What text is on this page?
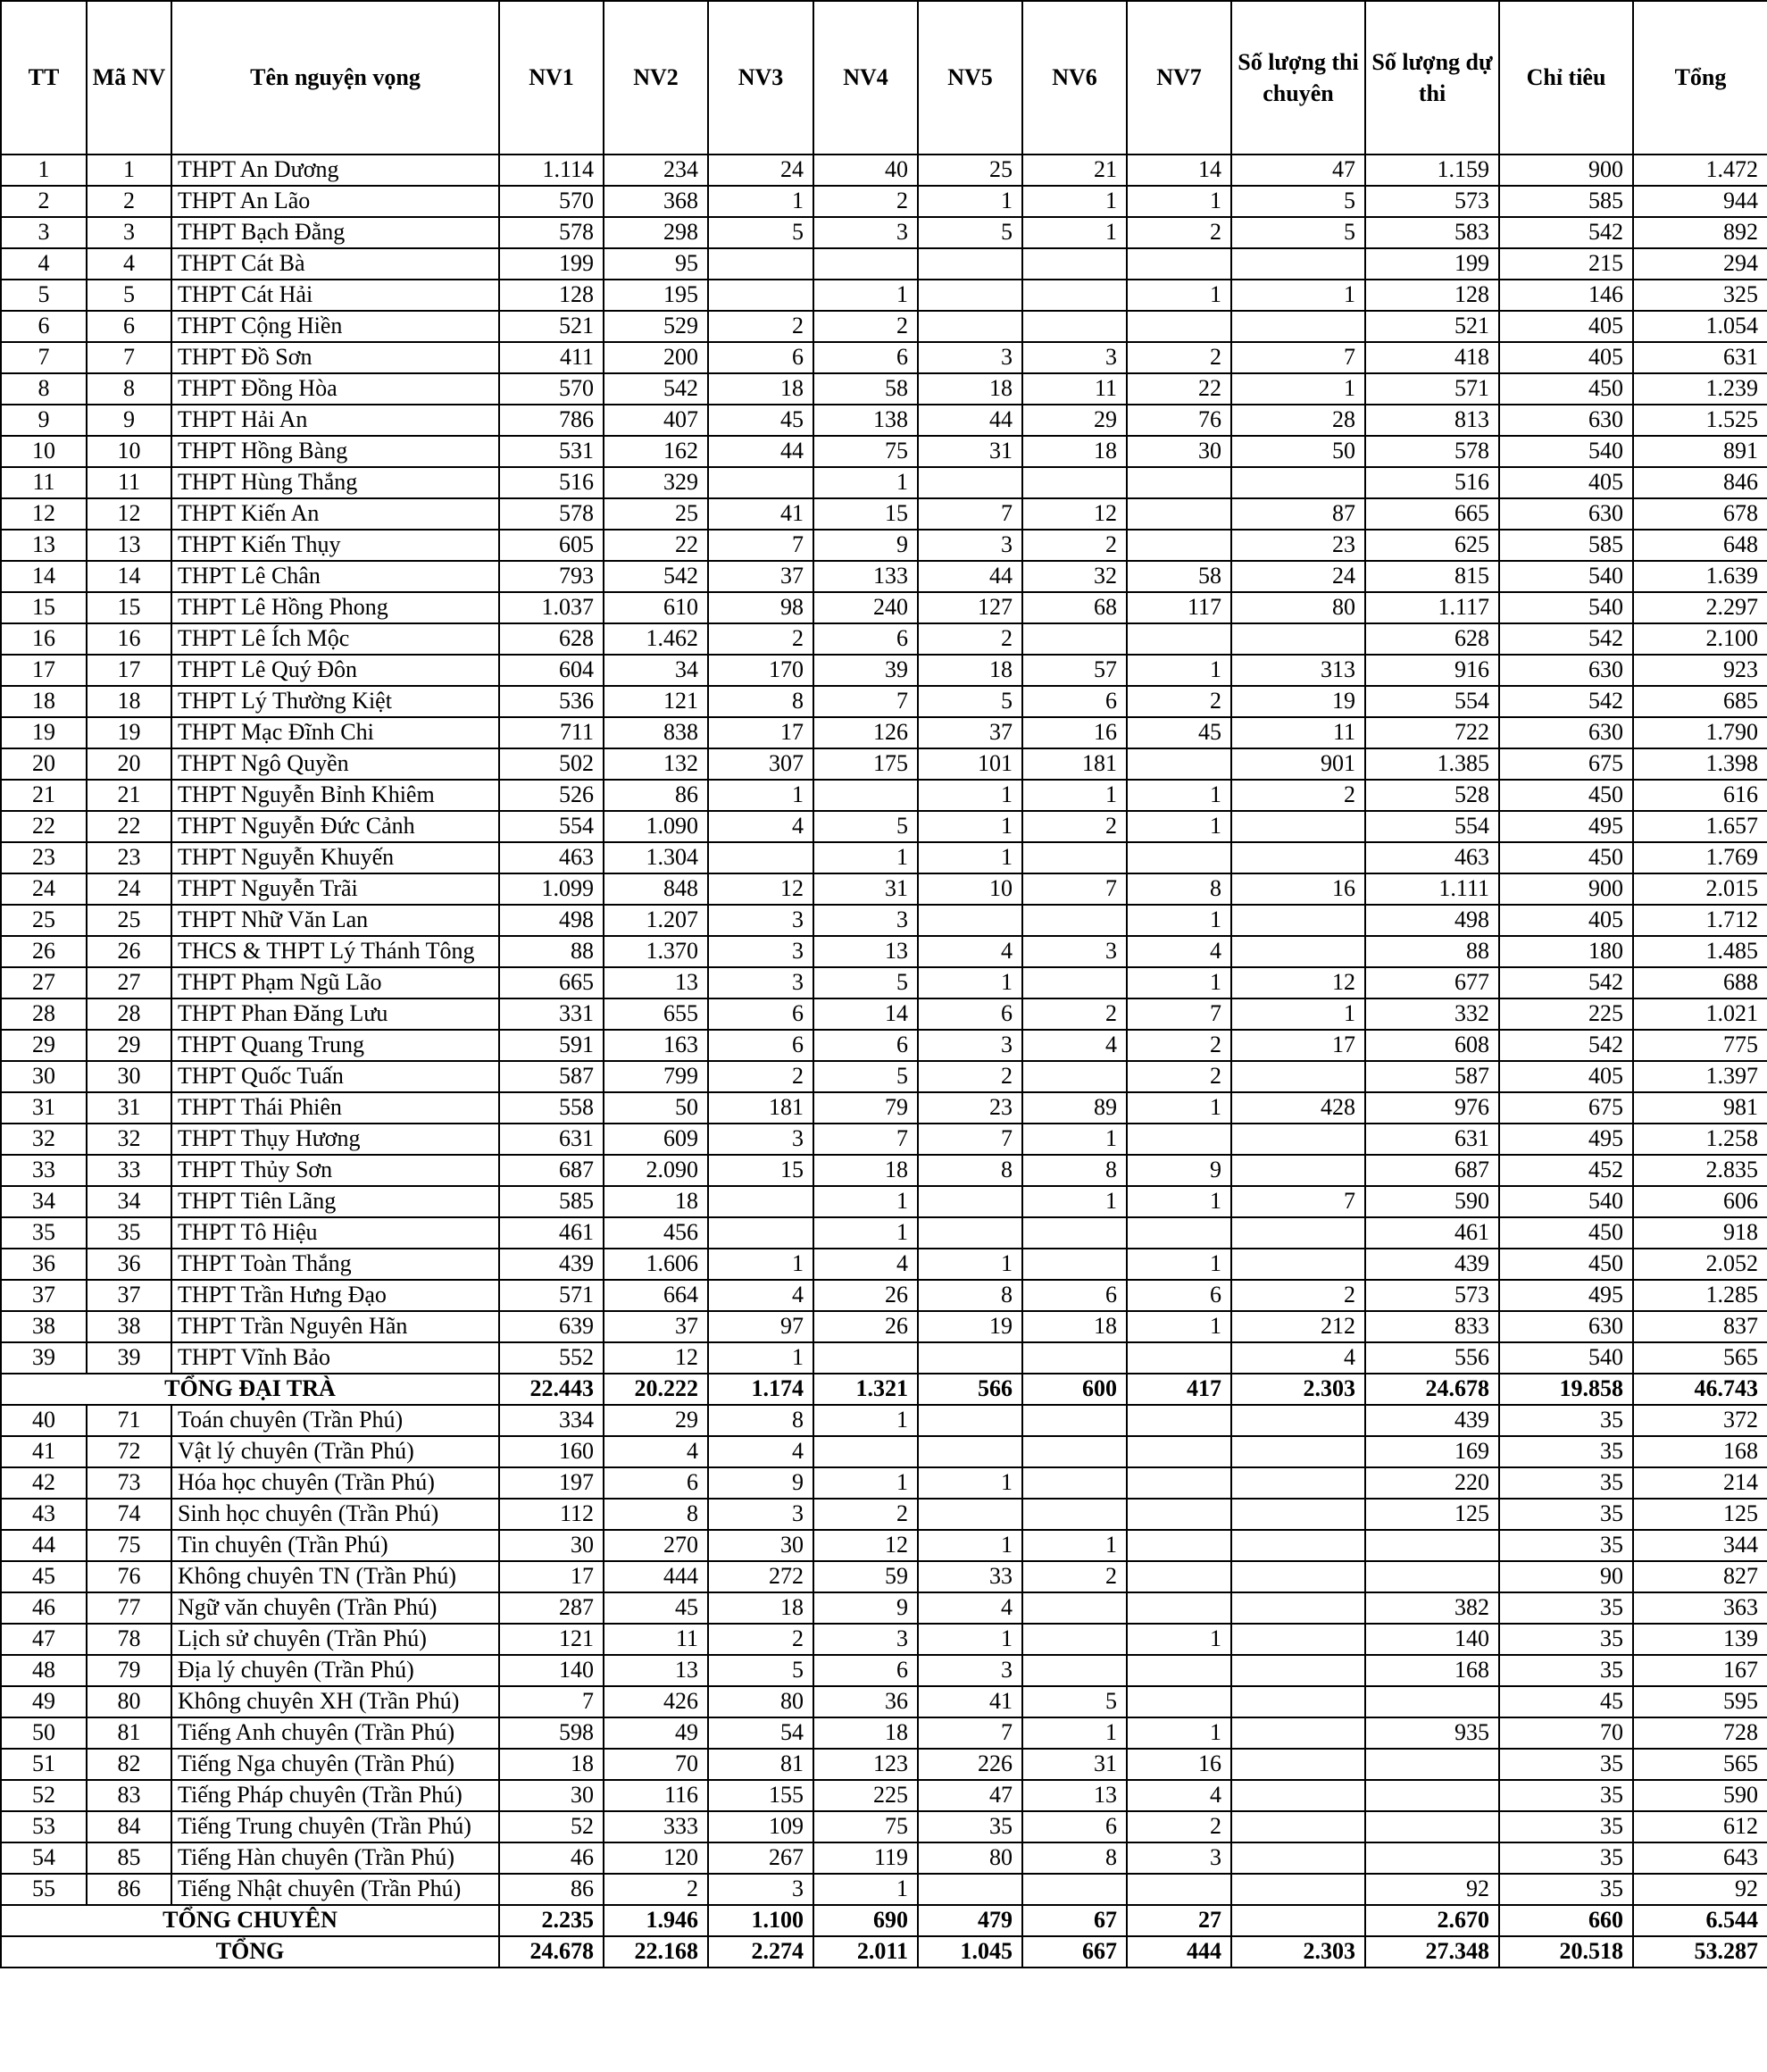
TT	Mã NV	Tên nguyện vọng	NV1	NV2	NV3	NV4	NV5	NV6	NV7	Số lượng thi chuyên	Số lượng dự thi	Chỉ tiêu	Tổng
1	1	THPT An Dương	1.114	234	24	40	25	21	14	47	1.159	900	1.472
2	2	THPT An Lão	570	368	1	2	1	1	1	5	573	585	944
3	3	THPT Bạch Đằng	578	298	5	3	5	1	2	5	583	542	892
4	4	THPT Cát Bà	199	95							199	215	294
5	5	THPT Cát Hải	128	195		1			1	1	128	146	325
6	6	THPT Cộng Hiền	521	529	2	2					521	405	1.054
7	7	THPT Đồ Sơn	411	200	6	6	3	3	2	7	418	405	631
8	8	THPT Đồng Hòa	570	542	18	58	18	11	22	1	571	450	1.239
9	9	THPT Hải An	786	407	45	138	44	29	76	28	813	630	1.525
10	10	THPT Hồng Bàng	531	162	44	75	31	18	30	50	578	540	891
11	11	THPT Hùng Thắng	516	329		1					516	405	846
12	12	THPT Kiến An	578	25	41	15	7	12		87	665	630	678
13	13	THPT Kiến Thụy	605	22	7	9	3	2		23	625	585	648
14	14	THPT Lê Chân	793	542	37	133	44	32	58	24	815	540	1.639
15	15	THPT Lê Hồng Phong	1.037	610	98	240	127	68	117	80	1.117	540	2.297
16	16	THPT Lê Ích Mộc	628	1.462	2	6	2				628	542	2.100
17	17	THPT Lê Quý Đôn	604	34	170	39	18	57	1	313	916	630	923
18	18	THPT Lý Thường Kiệt	536	121	8	7	5	6	2	19	554	542	685
19	19	THPT Mạc Đĩnh Chi	711	838	17	126	37	16	45	11	722	630	1.790
20	20	THPT Ngô Quyền	502	132	307	175	101	181		901	1.385	675	1.398
21	21	THPT Nguyễn Bỉnh Khiêm	526	86	1		1	1	1	2	528	450	616
22	22	THPT Nguyễn Đức Cảnh	554	1.090	4	5	1	2	1		554	495	1.657
23	23	THPT Nguyễn Khuyến	463	1.304		1	1				463	450	1.769
24	24	THPT Nguyễn Trãi	1.099	848	12	31	10	7	8	16	1.111	900	2.015
25	25	THPT Nhữ Văn Lan	498	1.207	3	3			1		498	405	1.712
26	26	THCS & THPT Lý Thánh Tông	88	1.370	3	13	4	3	4		88	180	1.485
27	27	THPT Phạm Ngũ Lão	665	13	3	5	1		1	12	677	542	688
28	28	THPT Phan Đăng Lưu	331	655	6	14	6	2	7	1	332	225	1.021
29	29	THPT Quang Trung	591	163	6	6	3	4	2	17	608	542	775
30	30	THPT Quốc Tuấn	587	799	2	5	2		2		587	405	1.397
31	31	THPT Thái Phiên	558	50	181	79	23	89	1	428	976	675	981
32	32	THPT Thụy Hương	631	609	3	7	7	1			631	495	1.258
33	33	THPT Thủy Sơn	687	2.090	15	18	8	8	9		687	452	2.835
34	34	THPT Tiên Lãng	585	18		1		1	1	7	590	540	606
35	35	THPT Tô Hiệu	461	456		1					461	450	918
36	36	THPT Toàn Thắng	439	1.606	1	4	1		1		439	450	2.052
37	37	THPT Trần Hưng Đạo	571	664	4	26	8	6	6	2	573	495	1.285
38	38	THPT Trần Nguyên Hãn	639	37	97	26	19	18	1	212	833	630	837
39	39	THPT Vĩnh Bảo	552	12	1					4	556	540	565
TỔNG ĐẠI TRÀ			22.443	20.222	1.174	1.321	566	600	417	2.303	24.678	19.858	46.743
40	71	Toán chuyên (Trần Phú)	334	29	8	1					439	35	372
41	72	Vật lý chuyên (Trần Phú)	160	4	4						169	35	168
42	73	Hóa học chuyên (Trần Phú)	197	6	9	1	1				220	35	214
43	74	Sinh học chuyên (Trần Phú)	112	8	3	2					125	35	125
44	75	Tin chuyên (Trần Phú)	30	270	30	12	1	1				35	344
45	76	Không chuyên TN (Trần Phú)	17	444	272	59	33	2				90	827
46	77	Ngữ văn chuyên (Trần Phú)	287	45	18	9	4				382	35	363
47	78	Lịch sử chuyên (Trần Phú)	121	11	2	3	1		1		140	35	139
48	79	Địa lý chuyên (Trần Phú)	140	13	5	6	3				168	35	167
49	80	Không chuyên XH (Trần Phú)	7	426	80	36	41	5				45	595
50	81	Tiếng Anh chuyên (Trần Phú)	598	49	54	18	7	1	1		935	70	728
51	82	Tiếng Nga chuyên (Trần Phú)	18	70	81	123	226	31	16			35	565
52	83	Tiếng Pháp chuyên (Trần Phú)	30	116	155	225	47	13	4			35	590
53	84	Tiếng Trung chuyên (Trần Phú)	52	333	109	75	35	6	2			35	612
54	85	Tiếng Hàn chuyên (Trần Phú)	46	120	267	119	80	8	3			35	643
55	86	Tiếng Nhật chuyên (Trần Phú)	86	2	3	1					92	35	92
TỔNG CHUYÊN			2.235	1.946	1.100	690	479	67	27		2.670	660	6.544
TỔNG			24.678	22.168	2.274	2.011	1.045	667	444	2.303	27.348	20.518	53.287
